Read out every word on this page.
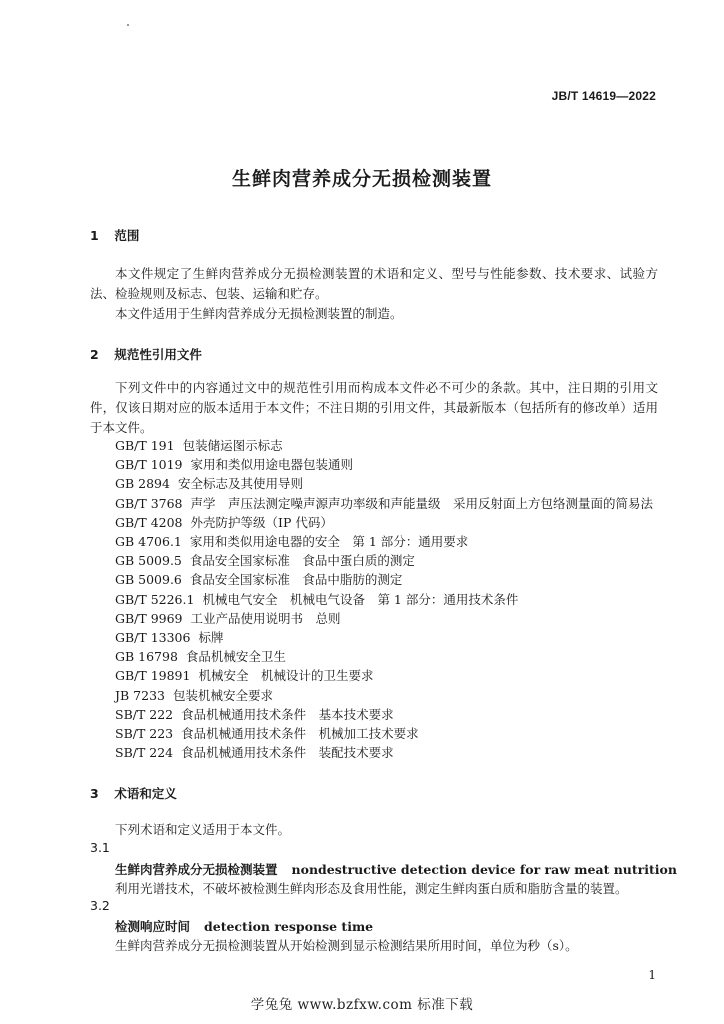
JB/T 14619—2022
生鲜肉营养成分无损检测装置
1 范围

本文件规定了生鲜肉营养成分无损检测装置的术语和定义、型号与性能参数、技术要求、试验方法、检验规则及标志、包装、运输和贮存。

本文件适用于生鲜肉营养成分无损检测装置的制造。

2 规范性引用文件

下列文件中的内容通过文中的规范性引用而构成本文件必不可少的条款。其中，注日期的引用文件，仅该日期对应的版本适用于本文件；不注日期的引用文件，其最新版本（包括所有的修改单）适用于本文件。

GB/T 191 包装储运图示标志
GB/T 1019 家用和类似用途电器包装通则
GB 2894 安全标志及其使用导则
GB/T 3768 声学　声压法测定噪声源声功率级和声能量级　采用反射面上方包络测量面的简易法
GB/T 4208 外壳防护等级（IP 代码）
GB 4706.1 家用和类似用途电器的安全　第 1 部分：通用要求
GB 5009.5 食品安全国家标准　食品中蛋白质的测定
GB 5009.6 食品安全国家标准　食品中脂肪的测定
GB/T 5226.1 机械电气安全　机械电气设备　第 1 部分：通用技术条件
GB/T 9969 工业产品使用说明书　总则
GB/T 13306 标牌
GB 16798 食品机械安全卫生
GB/T 19891 机械安全　机械设计的卫生要求
JB 7233 包装机械安全要求
SB/T 222 食品机械通用技术条件　基本技术要求
SB/T 223 食品机械通用技术条件　机械加工技术要求
SB/T 224 食品机械通用技术条件　装配技术要求
3 术语和定义

下列术语和定义适用于本文件。

3.1
生鲜肉营养成分无损检测装置 nondestructive detection device for raw meat nutrition
利用光谱技术，不破坏被检测生鲜肉形态及食用性能，测定生鲜肉蛋白质和脂肪含量的装置。
3.2
检测响应时间 detection response time
生鲜肉营养成分无损检测装置从开始检测到显示检测结果所用时间，单位为秒（s）。
1
学兔兔 www.bzfxw.com 标准下载
